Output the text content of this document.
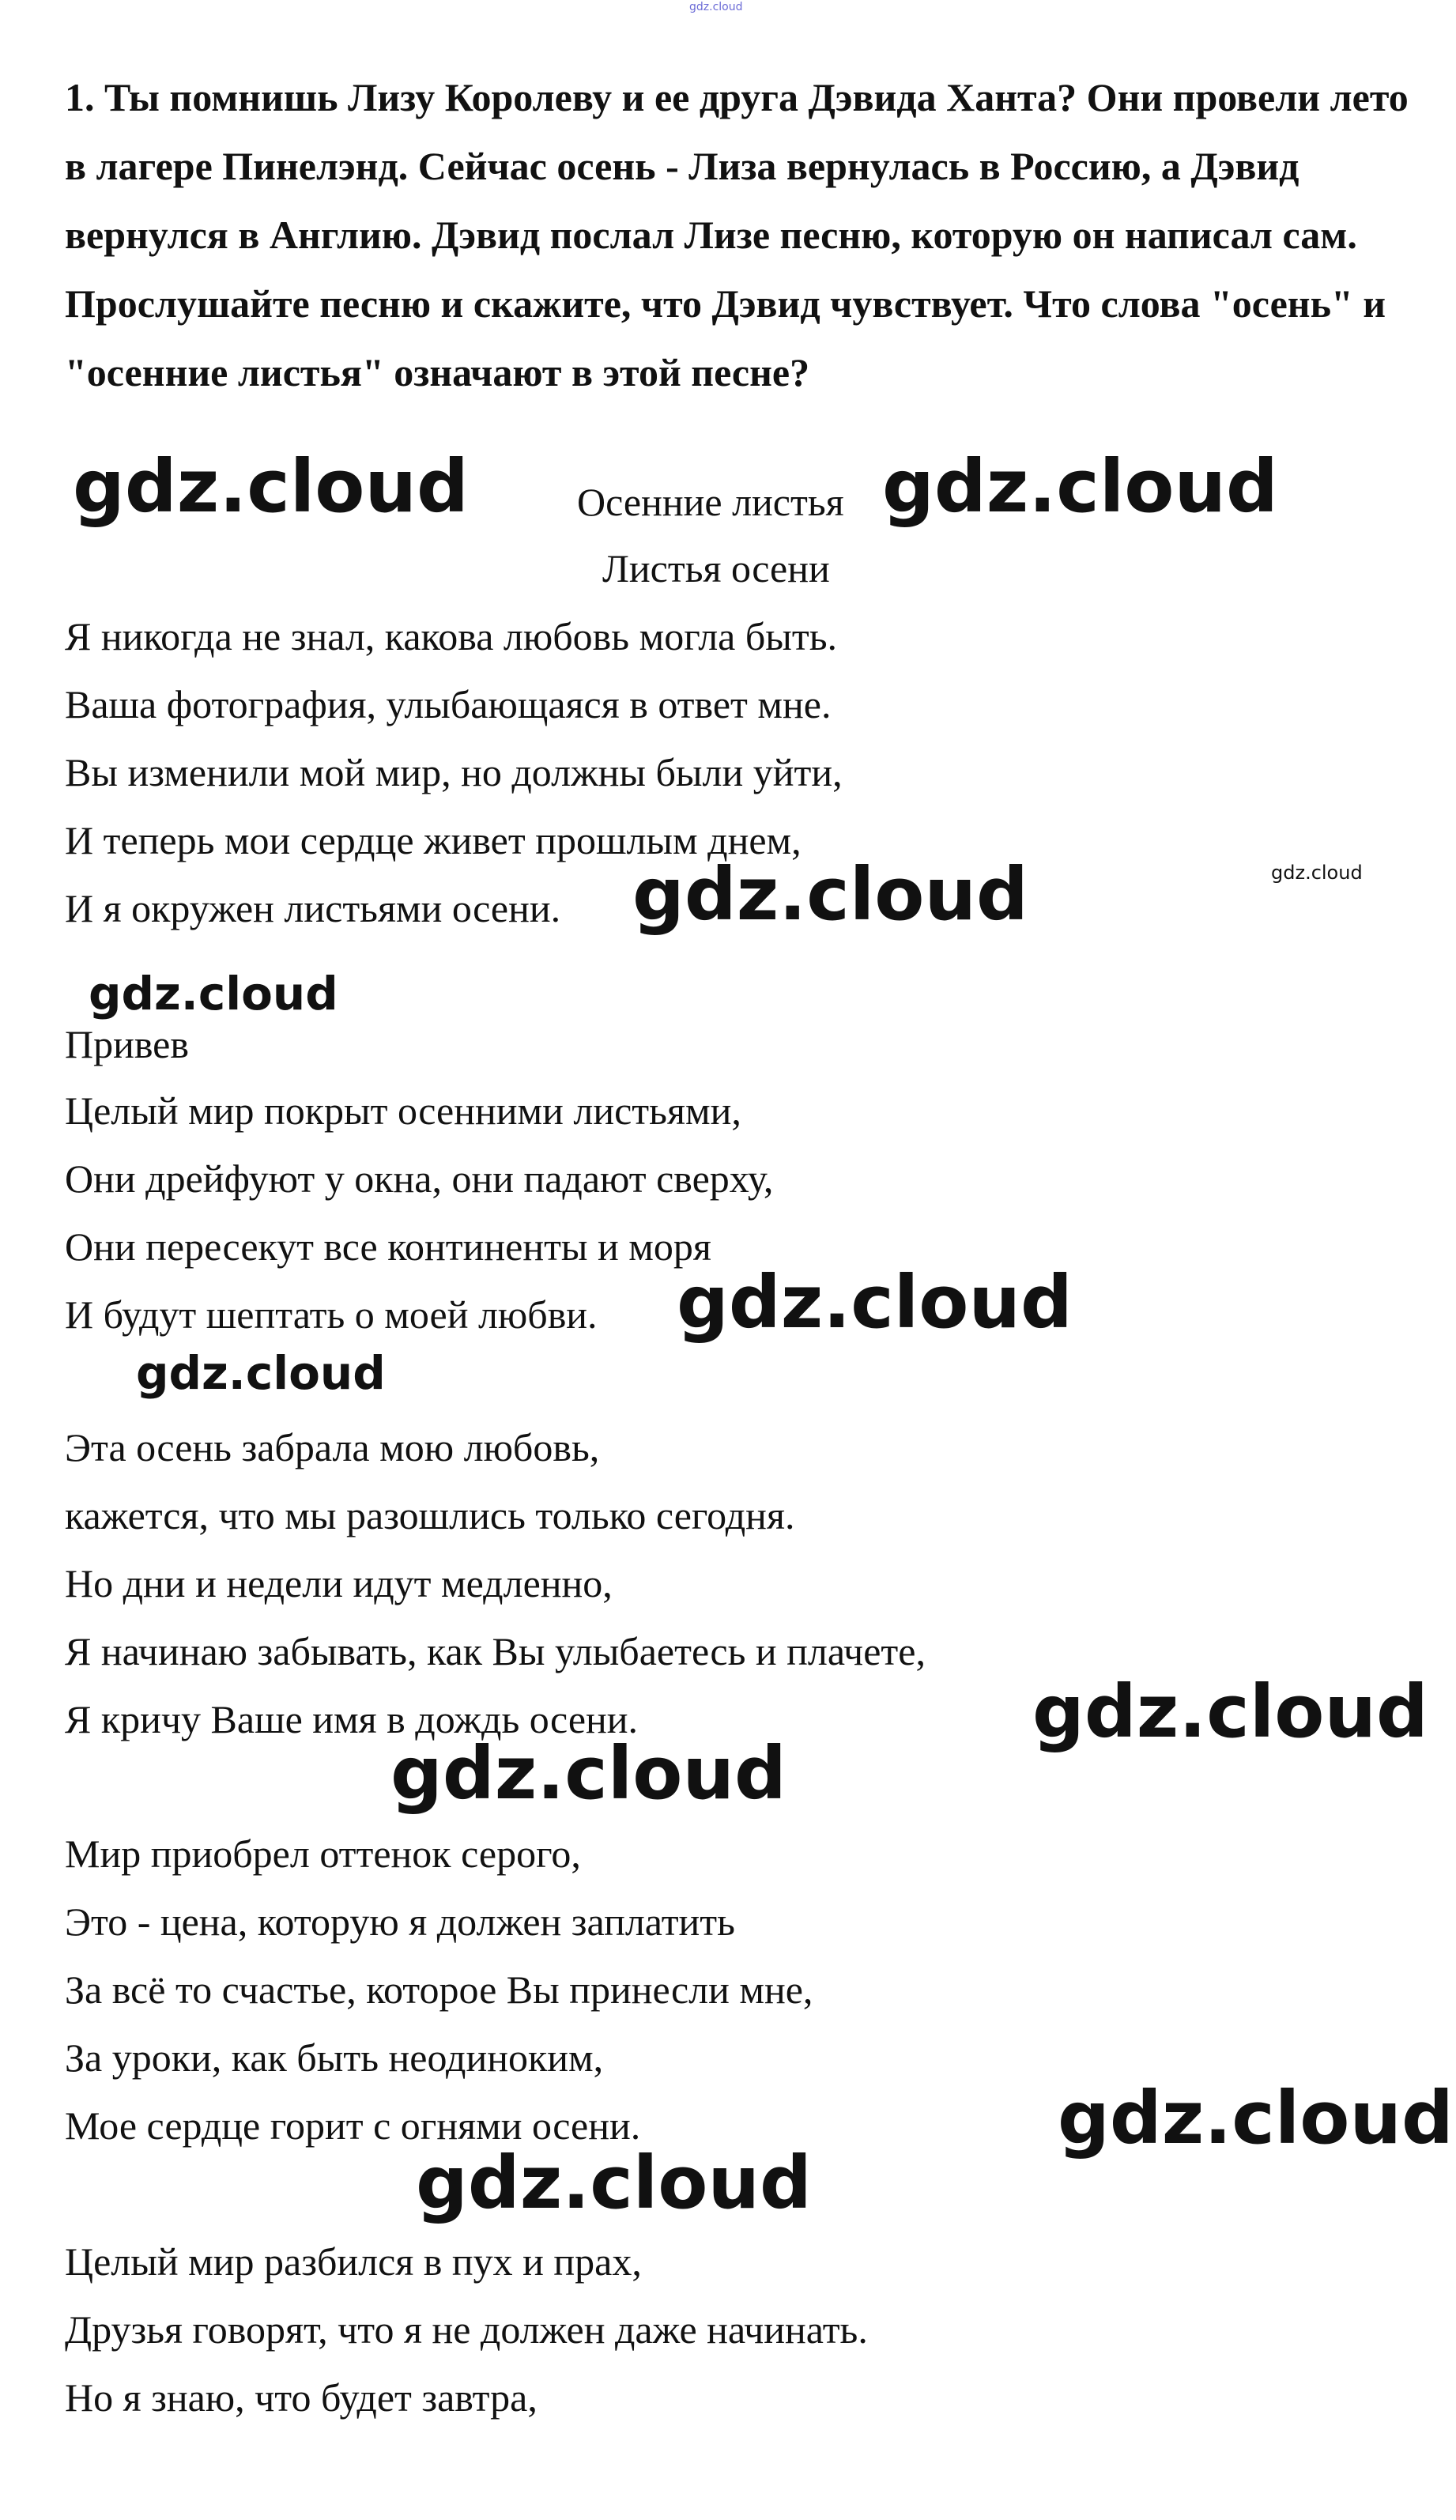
gdz.cloud

1. Ты помнишь Лизу Королеву и ее друга Дэвида Ханта? Они провели лето в лагере Пинелэнд. Сейчас осень - Лиза вернулась в Россию, а Дэвид вернулся в Англию. Дэвид послал Лизе песню, которую он написал сам. Прослушайте песню и скажите, что Дэвид чувствует. Что слова "осень" и "осенние листья" означают в этой песне?

gdz.cloud	Осенние листья gdz.cloud
Листья осени
Я никогда не знал, какова любовь могла быть.
Ваша фотография, улыбающаяся в ответ мне.
Вы изменили мой мир, но должны были уйти,
И теперь мои сердце живет прошлым днем,
И я окружен листьями осени. gdz.cloud	gdz.cloud
gdz.cloud
Привев
Целый мир покрыт осенними листьями,
Они дрейфуют у окна, они падают сверху,
Они пересекут все континенты и моря
И будут шептать о моей любви. gdz.cloud
gdz.cloud
Эта осень забрала мою любовь,
кажется, что мы разошлись только сегодня.
Но дни и недели идут медленно,
Я начинаю забывать, как Вы улыбаетесь и плачете,
Я кричу Ваше имя в дождь осени.	gdz.cloud
gdz.cloud
Мир приобрел оттенок серого,
Это - цена, которую я должен заплатить
За всё то счастье, которое Вы принесли мне,
За уроки, как быть неодиноким,
Мое сердце горит с огнями осени.	gdz.cloud
gdz.cloud
Целый мир разбился в пух и прах,
Друзья говорят, что я не должен даже начинать.
Но я знаю, что будет завтра,
